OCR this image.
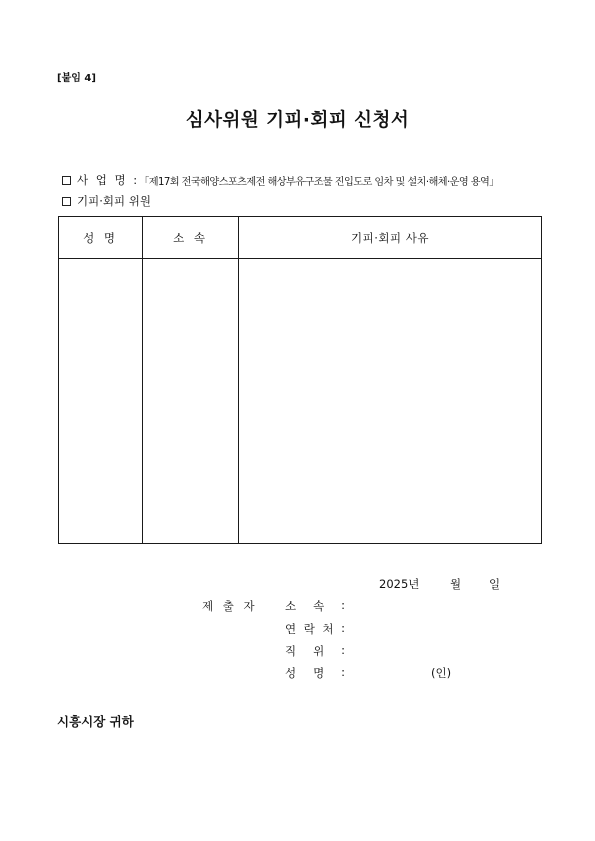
[붙임 4]
심사위원 기피·회피 신청서
사 업 명 : 「제17회 전국해양스포츠제전 해상부유구조물 진입도로 임차 및 설치·해체·운영 용역」
기피·회피 위원
성 명	소 속	기피·회피 사유

2025년	월 일
제 출 자 소 속 :
연 락 처 :
직 위 :
성 명 :	(인)
시흥시장 귀하
